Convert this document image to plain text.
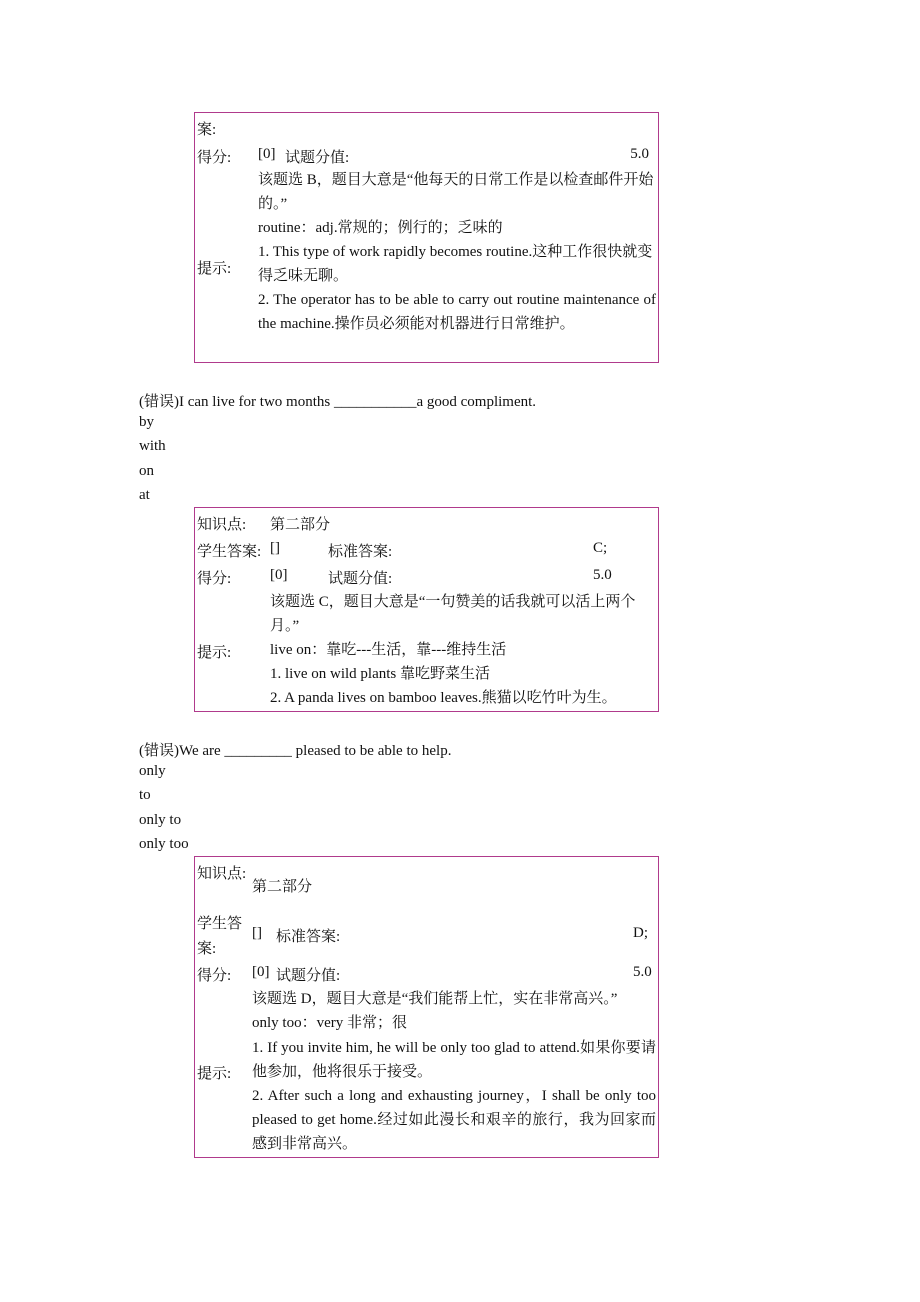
案:
得分: [0] 试题分值:	5.0
提示:
该题选 B，题目大意是“他每天的日常工作是以检查邮件开始的。”
routine：adj.常规的；例行的；乏味的
1. This type of work rapidly becomes routine.这种工作很快就变得乏味无聊。
2. The operator has to be able to carry out routine maintenance of the machine.操作员必须能对机器进行日常维护。
(错误)I can live for two months ___________a good compliment.
by
with
on
at
知识点: 第二部分
学生答案: []	标准答案:	C;
得分:	[0]	试题分值:	5.0
提示:
该题选 C，题目大意是“一句赞美的话我就可以活上两个月。”
live on：靠吃---生活，靠---维持生活
1. live on wild plants 靠吃野菜生活
2. A panda lives on bamboo leaves.熊猫以吃竹叶为生。
(错误)We are _________ pleased to be able to help.
only
to
only to
only too
知识点:
第二部分
学生答
案:
[] 标准答案:	D;
得分: [0] 试题分值:	5.0
提示:
该题选 D，题目大意是“我们能帮上忙，实在非常高兴。”
only too：very 非常；很
1. If you invite him, he will be only too glad to attend.如果你要请他参加，他将很乐于接受。
2. After such a long and exhausting journey，I shall be only too pleased to get home.经过如此漫长和艰辛的旅行，我为回家而感到非常高兴。
